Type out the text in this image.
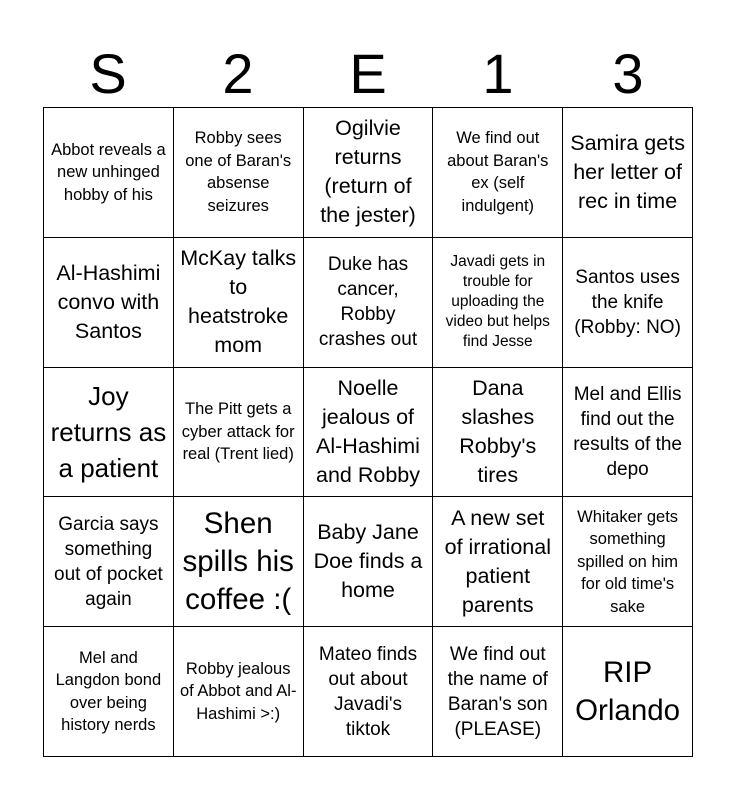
S	2	E	1	3
Abbot reveals a new unhinged hobby of his
Robby sees one of Baran's absense seizures
Ogilvie returns (return of the jester)
We find out about Baran's ex (self indulgent)
Samira gets her letter of rec in time
Al-Hashimi convo with Santos
McKay talks to heatstroke mom
Duke has cancer, Robby crashes out
Javadi gets in trouble for uploading the video but helps find Jesse
Santos uses the knife (Robby: NO)
Joy returns as a patient
The Pitt gets a cyber attack for real (Trent lied)
Noelle jealous of Al-Hashimi and Robby
Dana slashes Robby's tires
Mel and Ellis find out the results of the depo
Garcia says something out of pocket again
Shen spills his coffee :(
Baby Jane Doe finds a home
A new set of irrational patient parents
Whitaker gets something spilled on him for old time's sake
Mel and Langdon bond over being history nerds
Robby jealous of Abbot and Al-Hashimi >:)
Mateo finds out about Javadi's tiktok
We find out the name of Baran's son (PLEASE)
RIP Orlando
